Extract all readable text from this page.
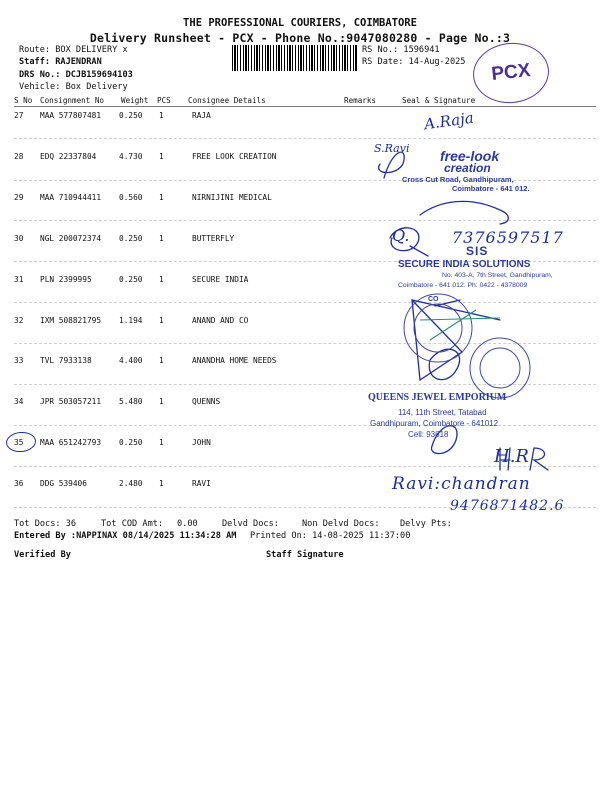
THE PROFESSIONAL COURIERS, COIMBATORE
Delivery Runsheet - PCX - Phone No.:9047080280 - Page No.:3
Route: BOX DELIVERY x
Staff: RAJENDRAN
DRS No.: DCJB159694103
Vehicle: Box Delivery
RS No.: 1596941
RS Date: 14-Aug-2025	PCX
S No Consignment No Weight PCS Consignee Details	Remarks	Seal & Signature
27 MAA 577807481 0.250 1	RAJA
28 EDQ 22337804	4.730 1	FREE LOOK CREATION
29 MAA 710944411 0.560 1	NIRNIJINI MEDICAL
30 NGL 200072374 0.250 1	BUTTERFLY
31 PLN 2399995	0.250 1	SECURE INDIA
32 IXM 508821795 1.194 1	ANAND AND CO
33 TVL 7933138	4.400 1	ANANDHA HOME NEEDS
34 JPR 503057211 5.480 1	QUENNS
35 MAA 651242793 0.250 1	JOHN
36 DDG 539406	2.480 1	RAVI
free-look
creation
Cross Cut Road, Gandhipuram,
Coimbatore - 641 012.
SIS
SECURE INDIA SOLUTIONS
No. 403-A, 7th Street, Gandhipuram,
Coimbatore - 641 012. Ph: 0422 - 4378009
CO
QUEENS JEWEL EMPORIUM
114, 11th Street, Tatabad
Gandhipuram, Coimbatore - 641012
Cell: 93618
A.Raja
S.Ravi
Q.	7376597517
H.R
Ravi:chandran
9476871482.6
Tot Docs: 36	Tot COD Amt: 0.00	Delvd Docs:	Non Delvd Docs: Delvy Pts:
Entered By :NAPPINAX 08/14/2025 11:34:28 AM Printed On: 14-08-2025 11:37:00
Verified By	Staff Signature
